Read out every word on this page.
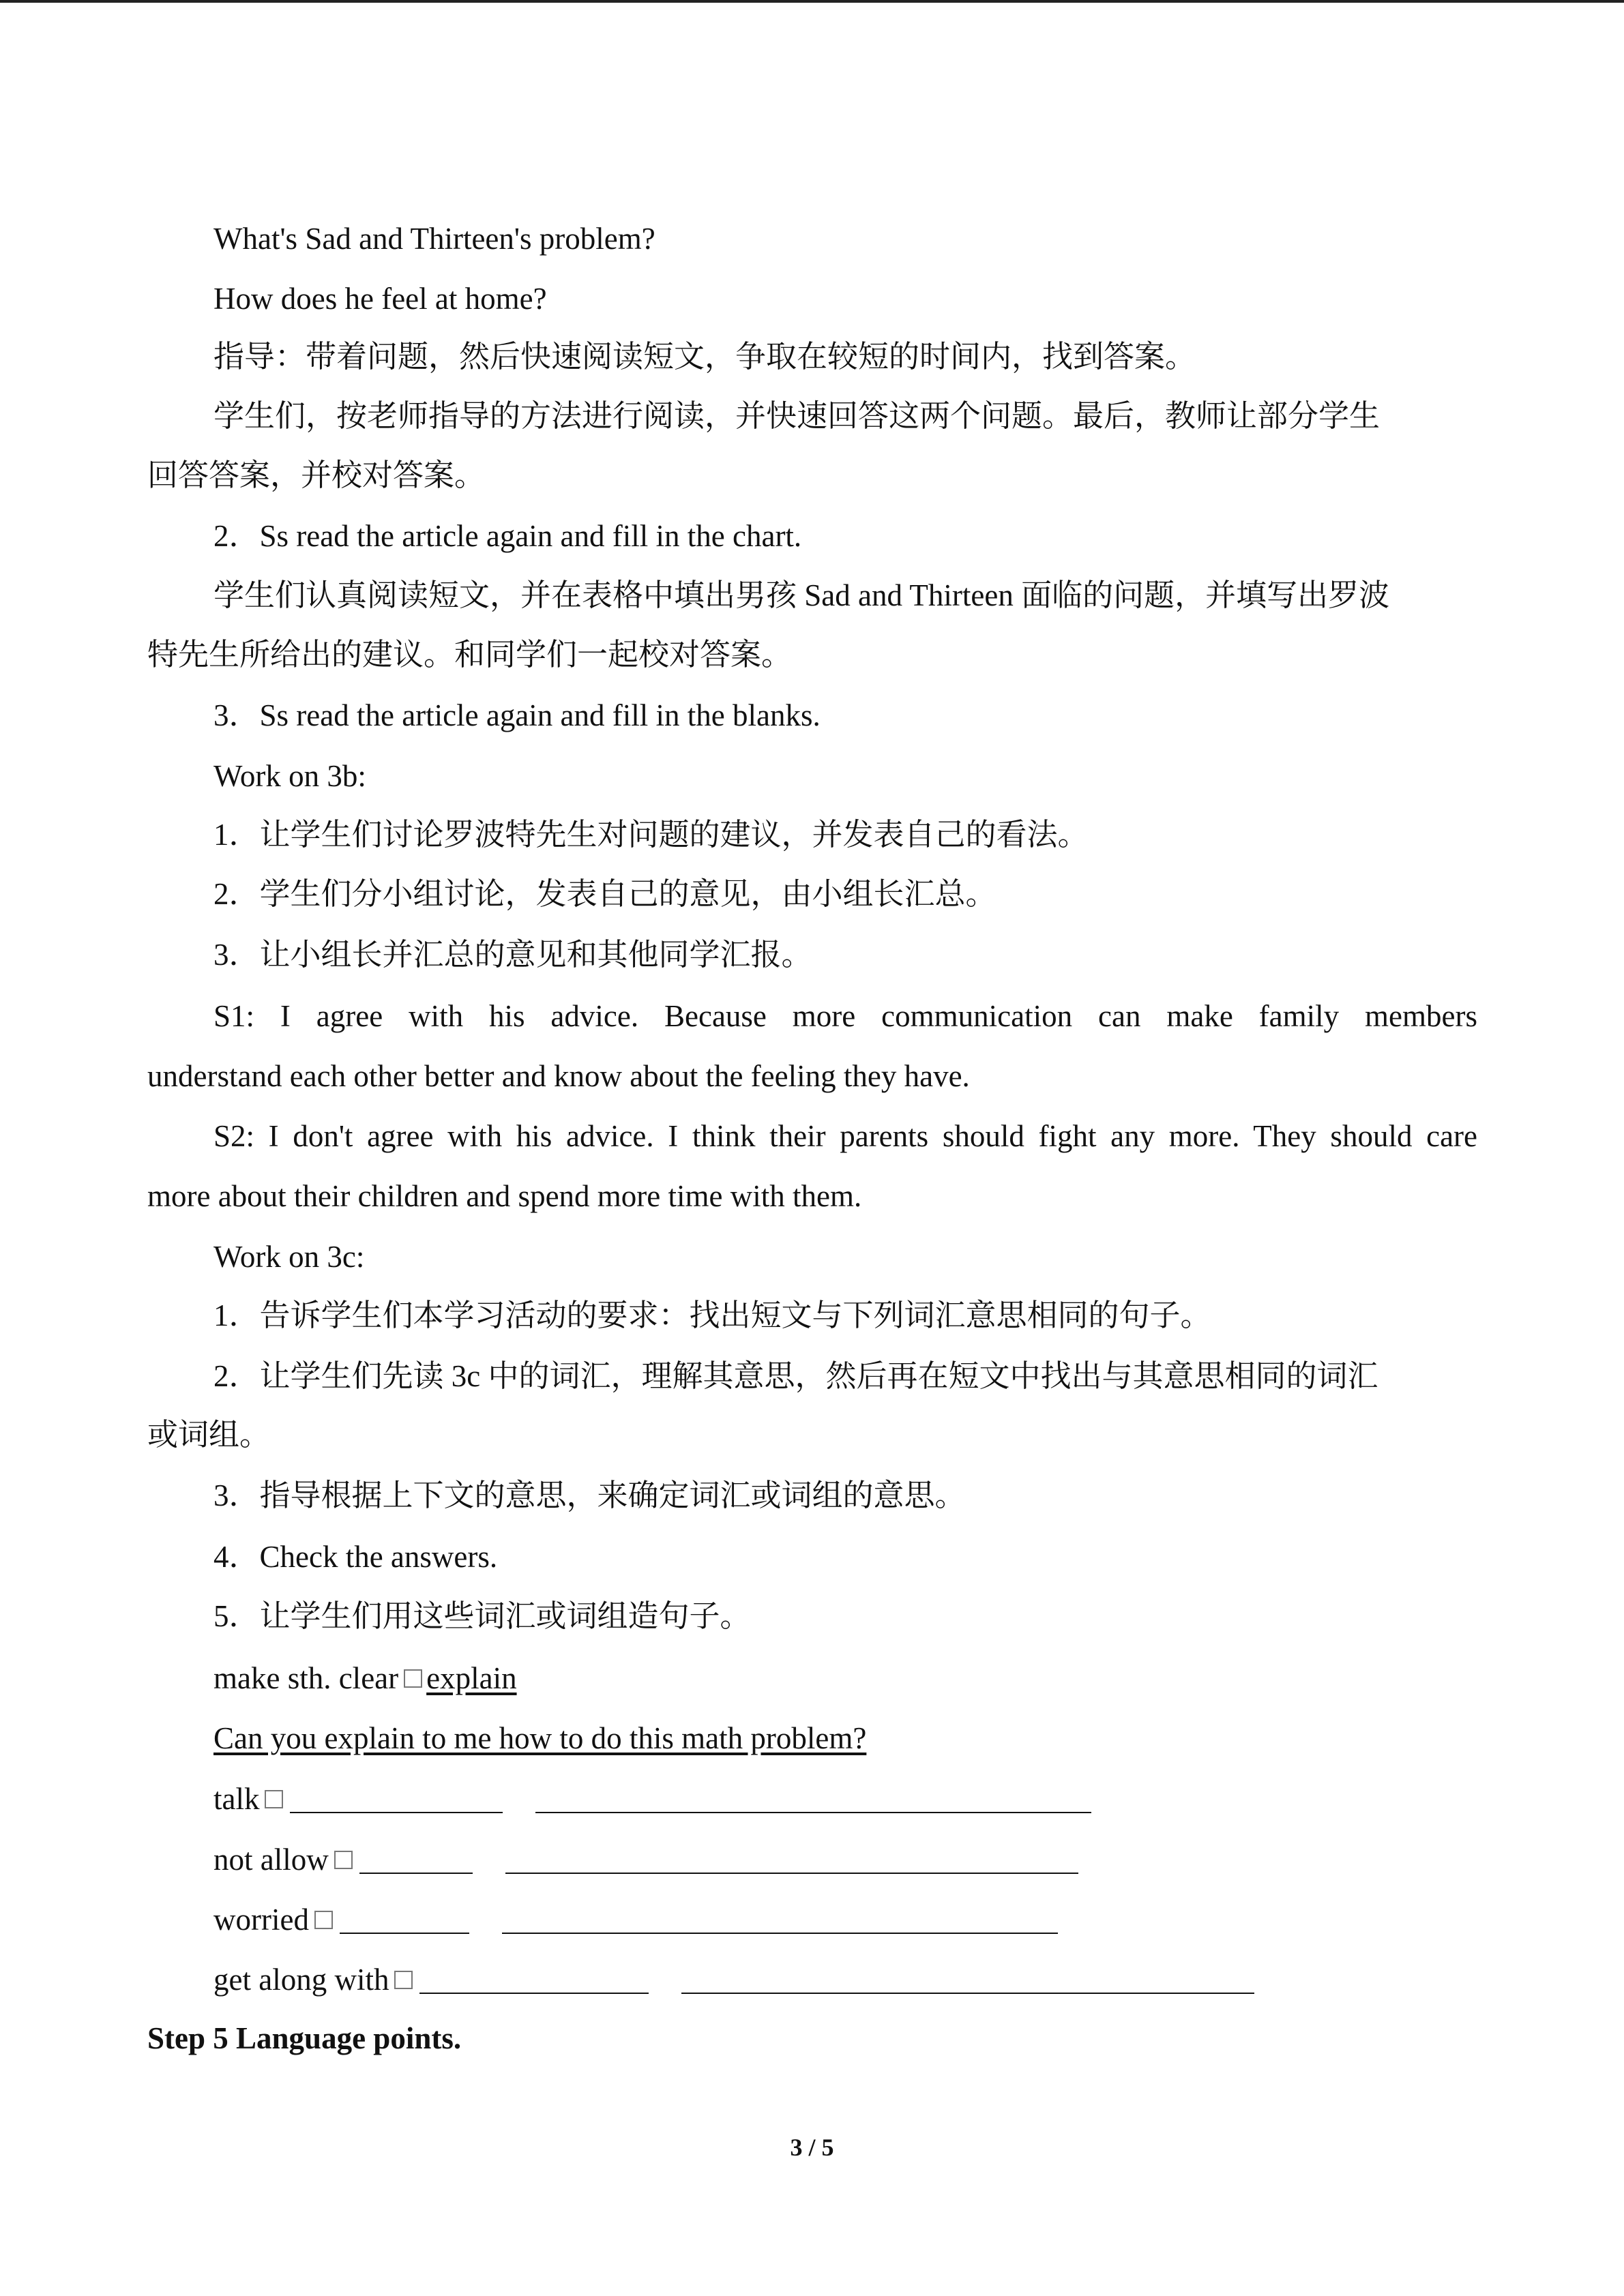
What's Sad and Thirteen's problem?
How does he feel at home?
指导：带着问题，然后快速阅读短文，争取在较短的时间内，找到答案。
学生们，按老师指导的方法进行阅读，并快速回答这两个问题。最后，教师让部分学生
回答答案，并校对答案。
2．Ss read the article again and fill in the chart.
学生们认真阅读短文，并在表格中填出男孩 Sad and Thirteen 面临的问题，并填写出罗波
特先生所给出的建议。和同学们一起校对答案。
3．Ss read the article again and fill in the blanks.
Work on 3b:
1．让学生们讨论罗波特先生对问题的建议，并发表自己的看法。
2．学生们分小组讨论，发表自己的意见，由小组长汇总。
3．让小组长并汇总的意见和其他同学汇报。
S1: I agree with his advice. Because more communication can make family members
understand each other better and know about the feeling they have.
S2: I don't agree with his advice. I think their parents should fight any more. They should care
more about their children and spend more time with them.
Work on 3c:
1．告诉学生们本学习活动的要求：找出短文与下列词汇意思相同的句子。
2．让学生们先读 3c 中的词汇，理解其意思，然后再在短文中找出与其意思相同的词汇
或词组。
3．指导根据上下文的意思，来确定词汇或词组的意思。
4．Check the answers.
5．让学生们用这些词汇或词组造句子。
make sth. clear explain
Can you explain to me how to do this math problem?
talk
not allow
worried
get along with
Step 5 Language points.
3 / 5
